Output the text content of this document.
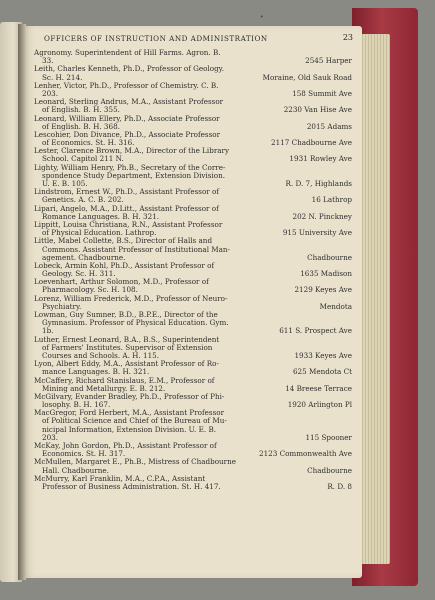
OFFICERS OF INSTRUCTION AND ADMINISTRATION	23
•
Agronomy. Superintendent of Hill Farms. Agron. B.
33.	2545 Harper
Leith, Charles Kenneth, Ph.D., Professor of Geology.
Sc. H. 214.	Moraine, Old Sauk Road
Lenher, Victor, Ph.D., Professor of Chemistry. C. B.
203.	158 Summit Ave
Leonard, Sterling Andrus, M.A., Assistant Professor
of English. B. H. 355.	2230 Van Hise Ave
Leonard, William Ellery, Ph.D., Associate Professor
of English. B. H. 368.	2015 Adams
Lescohier, Don Divance, Ph.D., Associate Professor
of Economics. St. H. 316.	2117 Chadbourne Ave
Lester, Clarence Brown, M.A., Director of the Library
School. Capitol 211 N.	1931 Rowley Ave
Lighty, William Henry, Ph.B., Secretary of the Corre-
spondence Study Department, Extension Division.
U. E. B. 105.	R. D. 7, Highlands
Lindstrom, Ernest W., Ph.D., Assistant Professor of
Genetics. A. C. B. 202.	16 Lathrop
Lipari, Angelo, M.A., D.Litt., Assistant Professor of
Romance Languages. B. H. 321.	202 N. Pinckney
Lippitt, Louisa Christiana, R.N., Assistant Professor
of Physical Education. Lathrop.	915 University Ave
Little, Mabel Collette, B.S., Director of Halls and
Commons. Assistant Professor of Institutional Man-
agement. Chadbourne.	Chadbourne
Lobeck, Armin Kohl, Ph.D., Assistant Professor of
Geology. Sc. H. 311.	1635 Madison
Loevenhart, Arthur Solomon, M.D., Professor of
Pharmacology. Sc. H. 108.	2129 Keyes Ave
Lorenz, William Frederick, M.D., Professor of Neuro-
Psychiatry.	Mendota
Lowman, Guy Sumner, B.D., B.P.E., Director of the
Gymnasium. Professor of Physical Education. Gym.
1b.	611 S. Prospect Ave
Luther, Ernest Leonard, B.A., B.S., Superintendent
of Farmers' Institutes. Supervisor of Extension
Courses and Schools. A. H. 115.	1933 Keyes Ave
Lyon, Albert Eddy, M.A., Assistant Professor of Ro-
mance Languages. B. H. 321.	625 Mendota Ct
McCaffery, Richard Stanislaus, E.M., Professor of
Mining and Metallurgy. E. B. 212.	14 Breese Terrace
McGilvary, Evander Bradley, Ph.D., Professor of Phi-
losophy. B. H. 167.	1920 Arlington Pl
MacGregor, Ford Herbert, M.A., Assistant Professor
of Political Science and Chief of the Bureau of Mu-
nicipal Information, Extension Division. U. E. B.
203.	115 Spooner
McKay, John Gordon, Ph.D., Assistant Professor of
Economics. St. H. 317.	2123 Commonwealth Ave
McMullen, Margaret E., Ph.B., Mistress of Chadbourne
Hall. Chadbourne.	Chadbourne
McMurry, Karl Franklin, M.A., C.P.A., Assistant
Professor of Business Administration. St. H. 417.	R. D. 8
